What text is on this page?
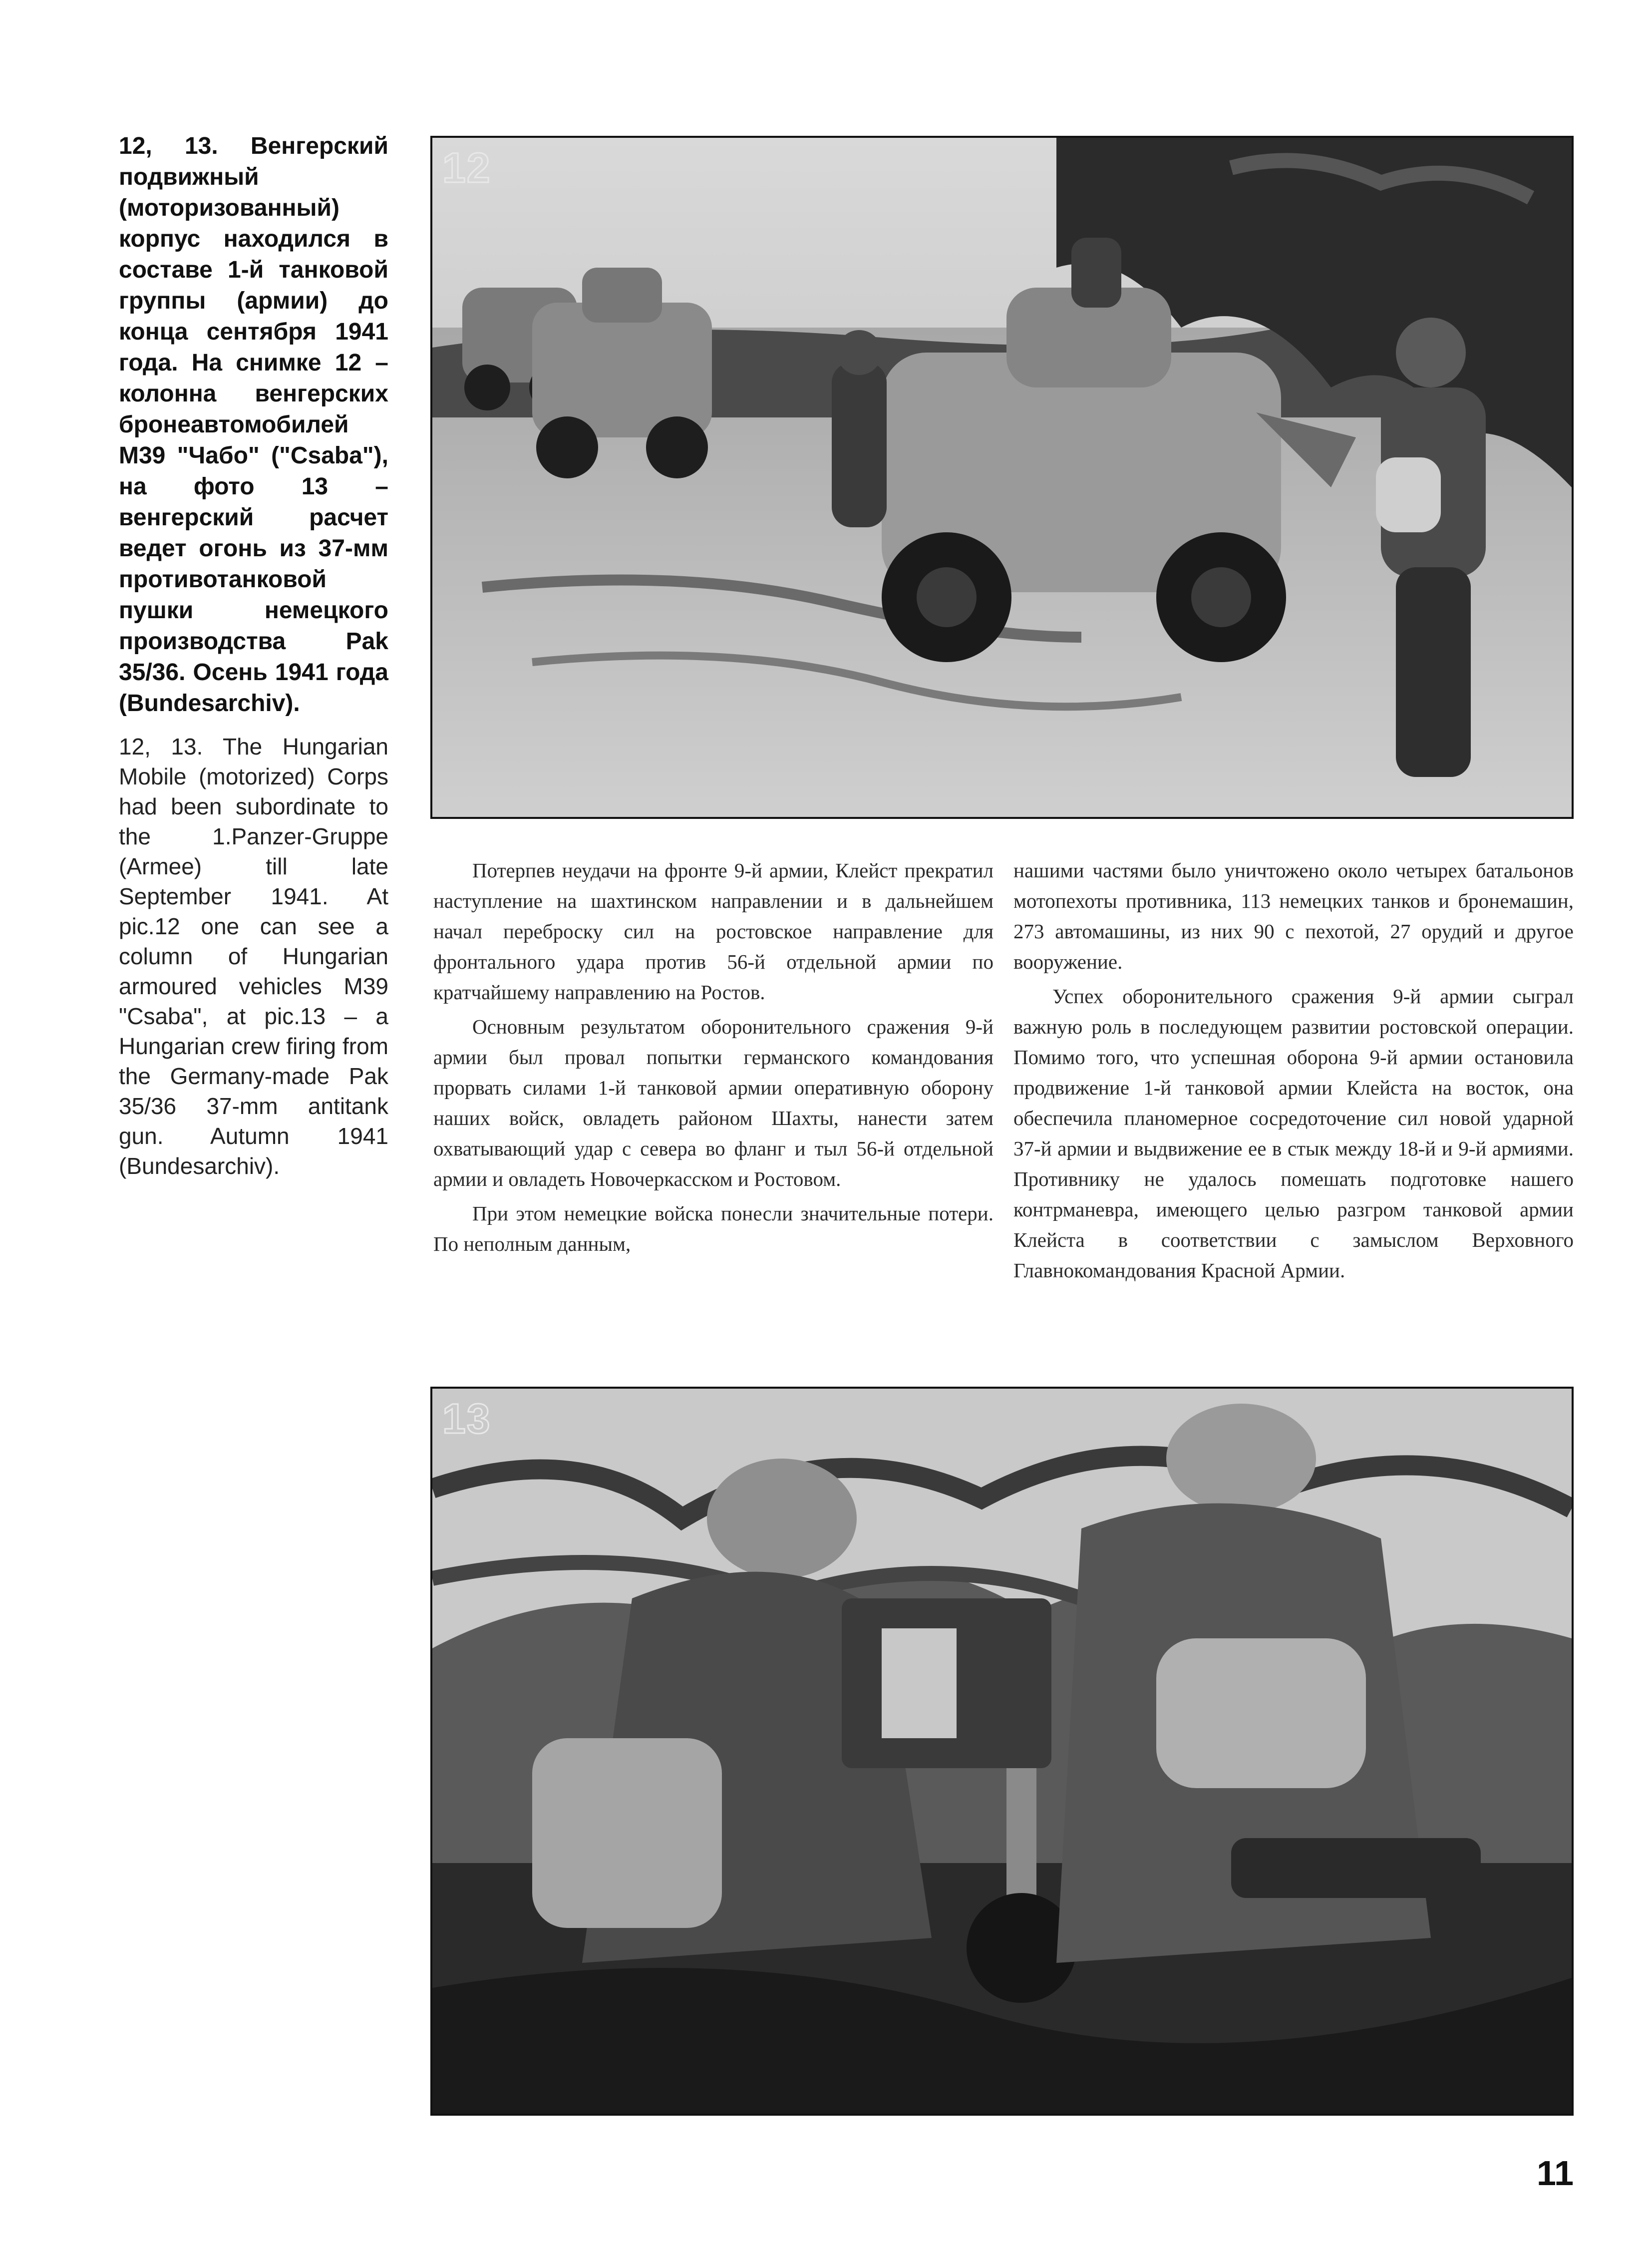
12, 13. Венгерский подвижный (моторизованный) корпус находился в составе 1-й танковой группы (армии) до конца сентября 1941 года. На снимке 12 – колонна венгерских бронеавтомобилей М39 "Чабо" ("Csaba"), на фото 13 – венгерский расчет ведет огонь из 37-мм противотанковой пушки немецкого производства Pak 35/36. Осень 1941 года (Bundesarchiv).
12, 13. The Hungarian Mobile (motorized) Corps had been subordinate to the 1.Panzer-Gruppe (Armee) till late September 1941. At pic.12 one can see a column of Hungarian armoured vehicles M39 "Csaba", at pic.13 – a Hungarian crew firing from the Germany-made Pak 35/36 37-mm antitank gun. Autumn 1941 (Bundesarchiv).
12

Потерпев неудачи на фронте 9-й армии, Клейст прекратил наступление на шахтинском направлении и в дальнейшем начал переброску сил на ростовское направление для фронтального удара против 56-й отдельной армии по кратчайшему направлению на Ростов.

Основным результатом оборонительного сражения 9-й армии был провал попытки германского командования прорвать силами 1-й танковой армии оперативную оборону наших войск, овладеть районом Шахты, нанести затем охватывающий удар с севера во фланг и тыл 56-й отдельной армии и овладеть Новочеркасском и Ростовом.

При этом немецкие войска понесли значительные потери. По неполным данным,

нашими частями было уничтожено около четырех батальонов мотопехоты противника, 113 немецких танков и бронемашин, 273 автомашины, из них 90 с пехотой, 27 орудий и другое вооружение.

Успех оборонительного сражения 9-й армии сыграл важную роль в последующем развитии ростовской операции. Помимо того, что успешная оборона 9-й армии остановила продвижение 1-й танковой армии Клейста на восток, она обеспечила планомерное сосредоточение сил новой ударной 37-й армии и выдвижение ее в стык между 18-й и 9-й армиями. Противнику не удалось помешать подготовке нашего контрманевра, имеющего целью разгром танковой армии Клейста в соответствии с замыслом Верховного Главнокомандования Красной Армии.

13
11
